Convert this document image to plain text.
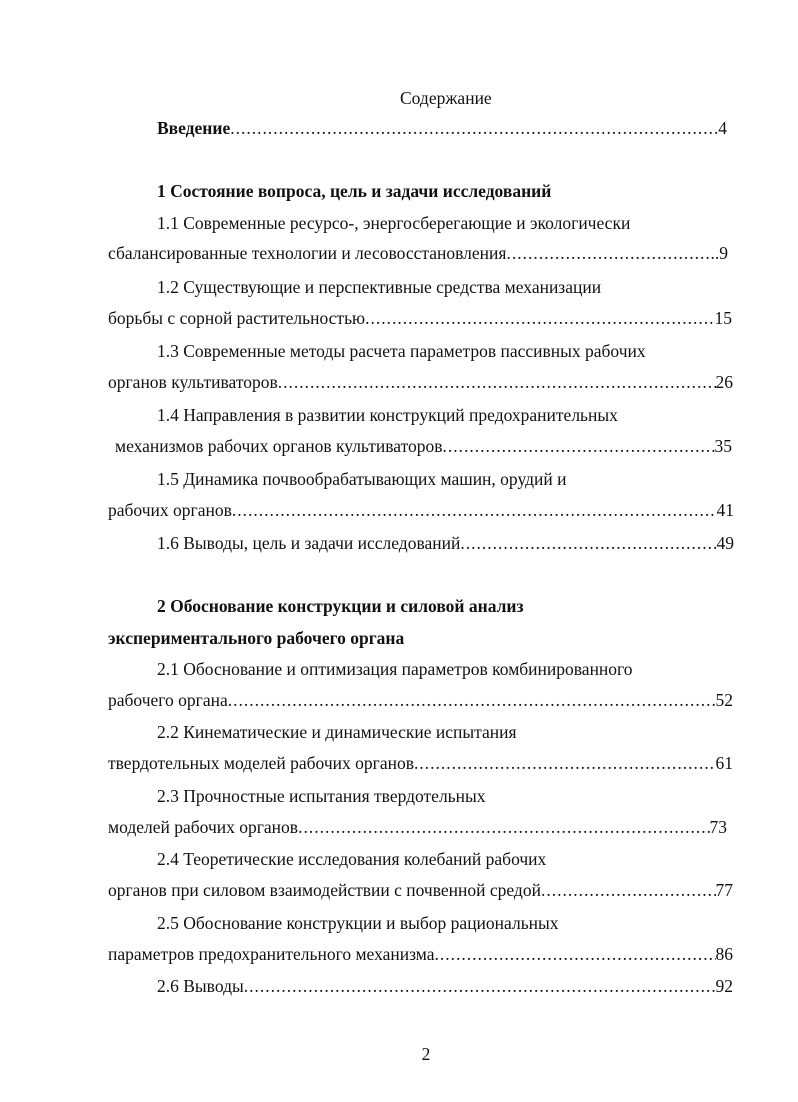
Содержание
Введение .....	4
1 Состояние вопроса, цель и задачи исследований
1.1 Современные ресурсо-, энергосберегающие и экологически
сбалансированные технологии и лесовосстановления .....	..9
1.2 Существующие и перспективные средства механизации
борьбы с сорной растительностью .....	15
1.3 Современные методы расчета параметров пассивных рабочих
органов культиваторов .....	26
1.4 Направления в развитии конструкций предохранительных
механизмов рабочих органов культиваторов .....	35
1.5 Динамика почвообрабатывающих машин, орудий и
рабочих органов .....	41
1.6 Выводы, цель и задачи исследований .....	49
2 Обоснование конструкции и силовой анализ
экспериментального рабочего органа
2.1 Обоснование и оптимизация параметров комбинированного
рабочего органа .....	52
2.2 Кинематические и динамические испытания
твердотельных моделей рабочих органов .....	61
2.3 Прочностные испытания твердотельных
моделей рабочих органов .....	73
2.4 Теоретические исследования колебаний рабочих
органов при силовом взаимодействии с почвенной средой .....	77
2.5 Обоснование конструкции и выбор рациональных
параметров предохранительного механизма .....	86
2.6 Выводы .....	92
2
